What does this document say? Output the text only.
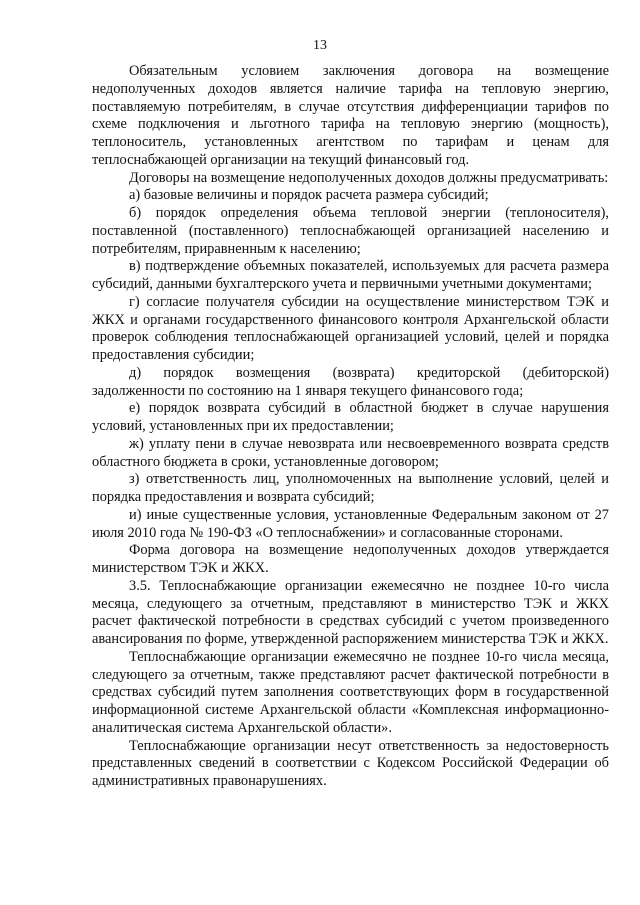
13

Обязательным условием заключения договора на возмещение недополученных доходов является наличие тарифа на тепловую энергию, поставляемую потребителям, в случае отсутствия дифференциации тарифов по схеме подключения и льготного тарифа на тепловую энергию (мощность), теплоноситель, установленных агентством по тарифам и ценам для теплоснабжающей организации на текущий финансовый год.

Договоры на возмещение недополученных доходов должны предусматривать:

а) базовые величины и порядок расчета размера субсидий;

б) порядок определения объема тепловой энергии (теплоносителя), поставленной (поставленного) теплоснабжающей организацией населению и потребителям, приравненным к населению;

в) подтверждение объемных показателей, используемых для расчета размера субсидий, данными бухгалтерского учета и первичными учетными документами;

г) согласие получателя субсидии на осуществление министерством ТЭК и ЖКХ и органами государственного финансового контроля Архангельской области проверок соблюдения теплоснабжающей организацией условий, целей и порядка предоставления субсидии;

д) порядок возмещения (возврата) кредиторской (дебиторской) задолженности по состоянию на 1 января текущего финансового года;

е) порядок возврата субсидий в областной бюджет в случае нарушения условий, установленных при их предоставлении;

ж) уплату пени в случае невозврата или несвоевременного возврата средств областного бюджета в сроки, установленные договором;

з) ответственность лиц, уполномоченных на выполнение условий, целей и порядка предоставления и возврата субсидий;

и) иные существенные условия, установленные Федеральным законом от 27 июля 2010 года № 190-ФЗ «О теплоснабжении» и согласованные сторонами.

Форма договора на возмещение недополученных доходов утверждается министерством ТЭК и ЖКХ.

3.5. Теплоснабжающие организации ежемесячно не позднее 10-го числа месяца, следующего за отчетным, представляют в министерство ТЭК и ЖКХ расчет фактической потребности в средствах субсидий с учетом произведенного авансирования по форме, утвержденной распоряжением министерства ТЭК и ЖКХ.

Теплоснабжающие организации ежемесячно не позднее 10-го числа месяца, следующего за отчетным, также представляют расчет фактической потребности в средствах субсидий путем заполнения соответствующих форм в государственной информационной системе Архангельской области «Комплексная информационно-аналитическая система Архангельской области».

Теплоснабжающие организации несут ответственность за недостоверность представленных сведений в соответствии с Кодексом Российской Федерации об административных правонарушениях.
